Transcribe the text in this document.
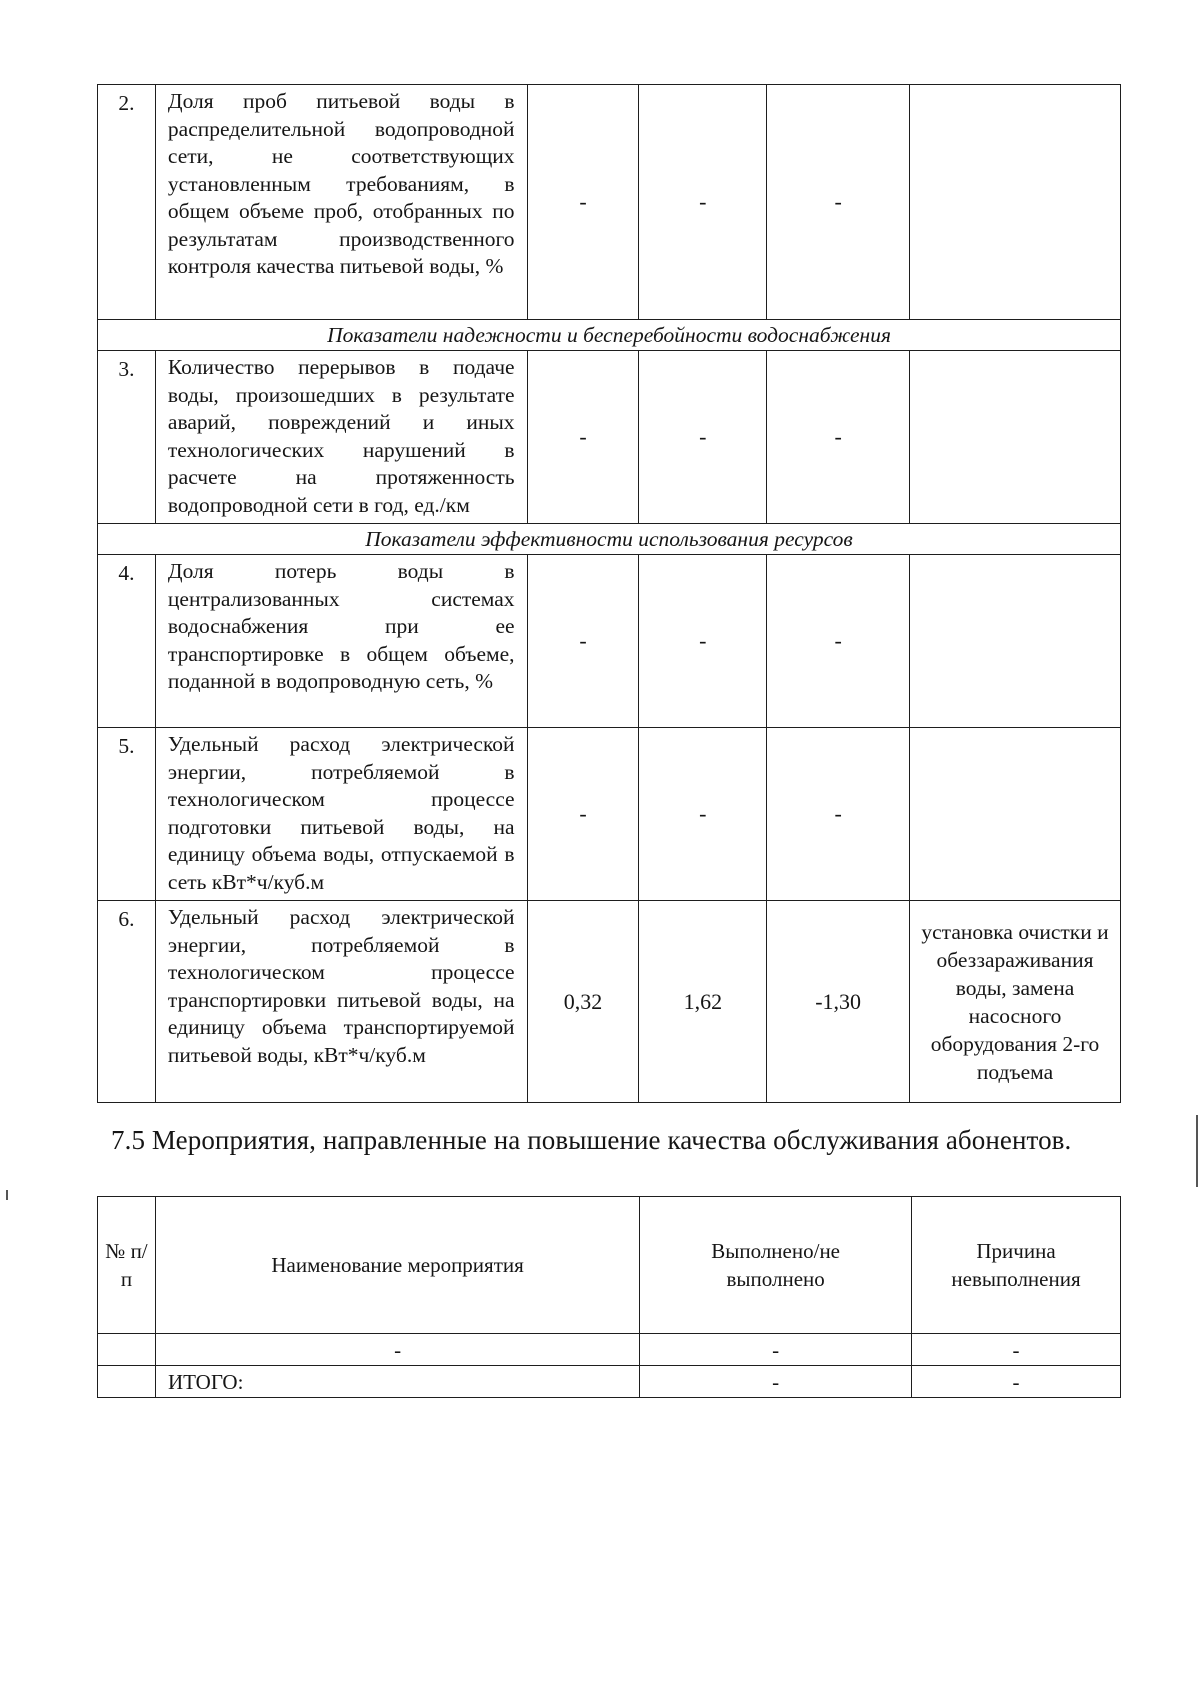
2.	Доля проб питьевой воды в распределительной водопроводной сети, не соответствующих установленным требованиям, в общем объеме проб, отобранных по результатам производственного контроля качества питьевой воды, %	-	-	-	
Показатели надежности и бесперебойности водоснабжения					
3.	Количество перерывов в подаче воды, произошедших в результате аварий, повреждений и иных технологических нарушений в расчете на протяженность водопроводной сети в год, ед./км	-	-	-	
Показатели эффективности использования ресурсов					
4.	Доля потерь воды в централизованных системах водоснабжения при ее транспортировке в общем объеме, поданной в водопроводную сеть, %	-	-	-	
5.	Удельный расход электрической энергии, потребляемой в технологическом процессе подготовки питьевой воды, на единицу объема воды, отпускаемой в сеть кВт*ч/куб.м	-	-	-	
6.	Удельный расход электрической энергии, потребляемой в технологическом процессе транспортировки питьевой воды, на единицу объема транспортируемой питьевой воды, кВт*ч/куб.м	0,32	1,62	-1,30	установка очистки и обеззараживания воды, замена насосного оборудования 2-го подъема
7.5 Мероприятия, направленные на повышение качества обслуживания абонентов.
№ п/п	Наименование мероприятия	Выполнено/не выполнено	Причина невыполнения
	-	-	-
	ИТОГО:	-	-
